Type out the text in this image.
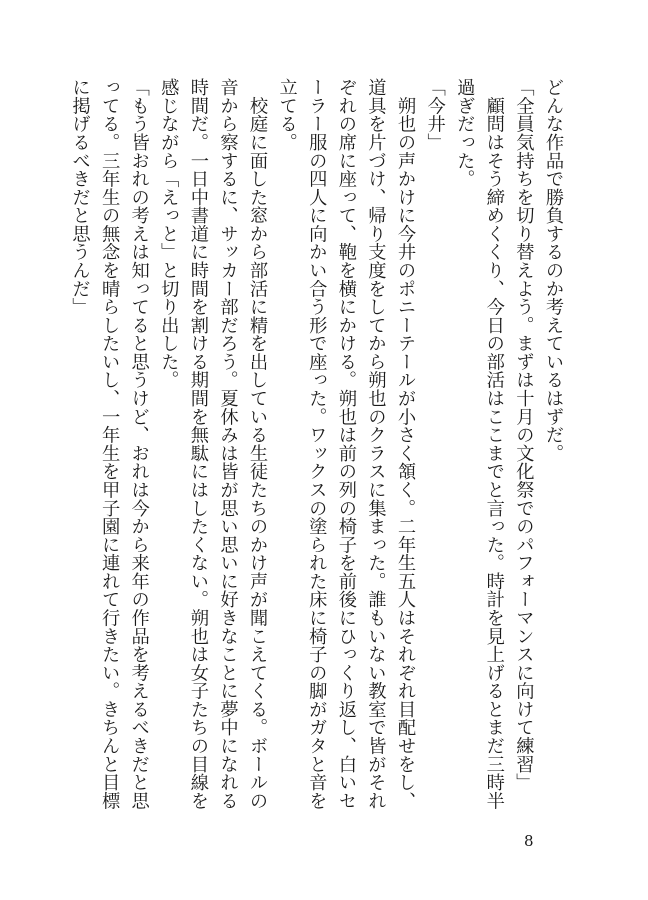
どんな作品で勝負するのか考えているはずだ。
「全員気持ちを切り替えよう。まずは十月の文化祭でのパフォーマンスに向けて練習」
　顧問はそう締めくくり、今日の部活はここまでと言った。時計を見上げるとまだ三時半
過ぎだった。
「今井」
　朔也の声かけに今井のポニーテールが小さく頷く。二年生五人はそれぞれ目配せをし、
道具を片づけ、帰り支度をしてから朔也のクラスに集まった。誰もいない教室で皆がそれ
ぞれの席に座って、鞄を横にかける。朔也は前の列の椅子を前後にひっくり返し、白いセ
ーラー服の四人に向かい合う形で座った。ワックスの塗られた床に椅子の脚がガタと音を
立てる。
　校庭に面した窓から部活に精を出している生徒たちのかけ声が聞こえてくる。ボールの
音から察するに、サッカー部だろう。夏休みは皆が思い思いに好きなことに夢中になれる
時間だ。一日中書道に時間を割ける期間を無駄にはしたくない。朔也は女子たちの目線を
感じながら「えっと」と切り出した。
「もう皆おれの考えは知ってると思うけど、おれは今から来年の作品を考えるべきだと思
ってる。三年生の無念を晴らしたいし、一年生を甲子園に連れて行きたい。きちんと目標
に掲げるべきだと思うんだ」
8
